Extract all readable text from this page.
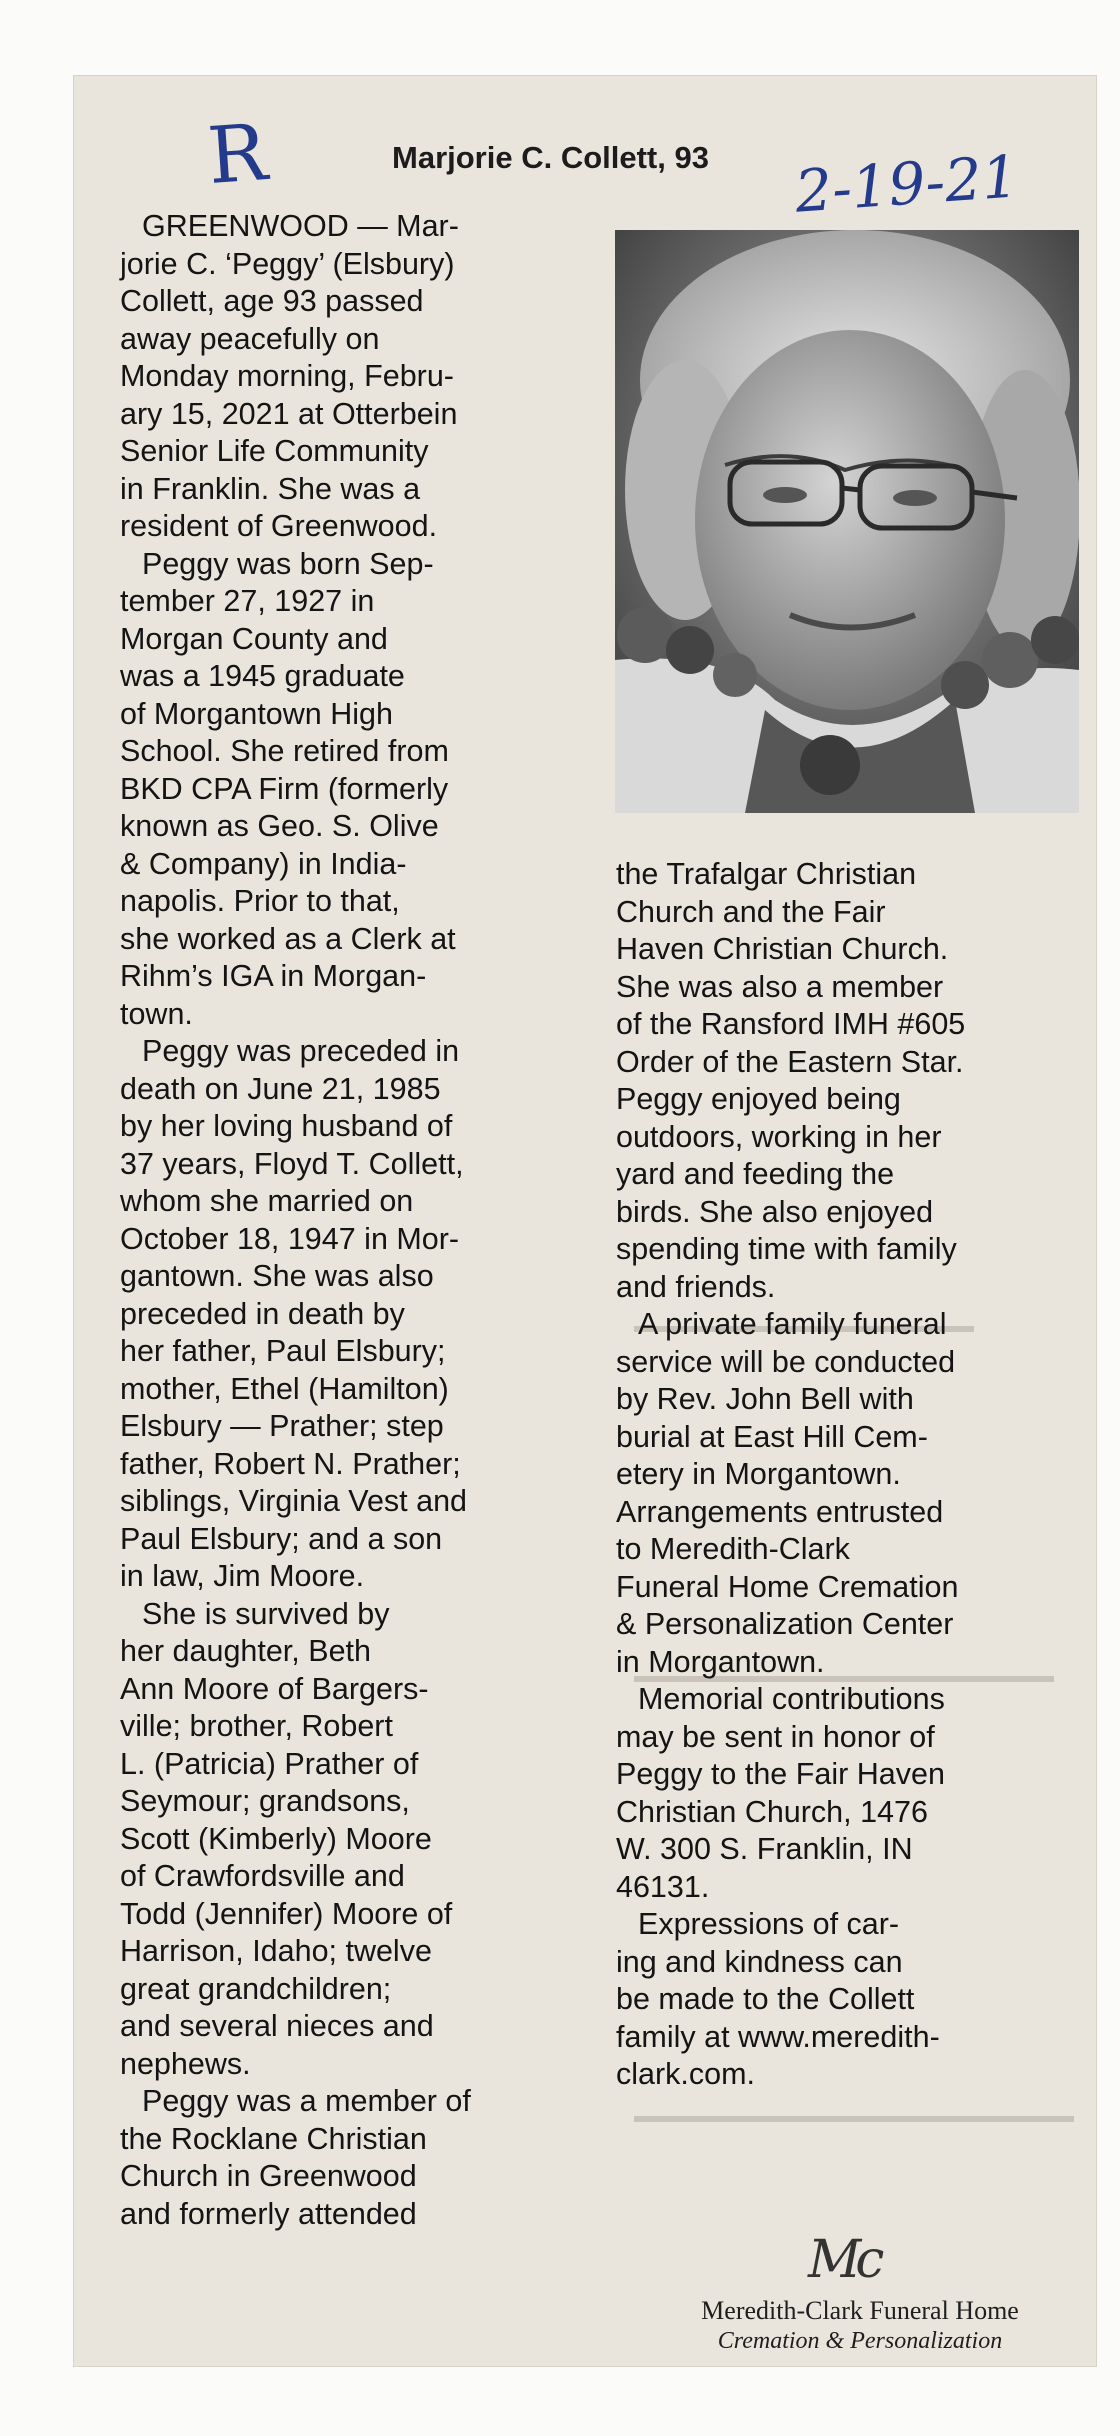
R	Marjorie C. Collett, 93 2-19-21

GREENWOOD — Mar-
jorie C. ‘Peggy’ (Elsbury)
Collett, age 93 passed
away peacefully on
Monday morning, Febru-
ary 15, 2021 at Otterbein
Senior Life Community
in Franklin. She was a
resident of Greenwood.

Peggy was born Sep-
tember 27, 1927 in
Morgan County and
was a 1945 graduate
of Morgantown High
School. She retired from
BKD CPA Firm (formerly
known as Geo. S. Olive
& Company) in India-
napolis. Prior to that,
she worked as a Clerk at
Rihm’s IGA in Morgan-
town.

Peggy was preceded in
death on June 21, 1985
by her loving husband of
37 years, Floyd T. Collett,
whom she married on
October 18, 1947 in Mor-
gantown. She was also
preceded in death by
her father, Paul Elsbury;
mother, Ethel (Hamilton)
Elsbury — Prather; step
father, Robert N. Prather;
siblings, Virginia Vest and
Paul Elsbury; and a son
in law, Jim Moore.

She is survived by
her daughter, Beth
Ann Moore of Bargers-
ville; brother, Robert
L. (Patricia) Prather of
Seymour; grandsons,
Scott (Kimberly) Moore
of Crawfordsville and
Todd (Jennifer) Moore of
Harrison, Idaho; twelve
great grandchildren;
and several nieces and
nephews.

Peggy was a member of
the Rocklane Christian
Church in Greenwood
and formerly attended

the Trafalgar Christian
Church and the Fair
Haven Christian Church.
She was also a member
of the Ransford IMH #605
Order of the Eastern Star.
Peggy enjoyed being
outdoors, working in her
yard and feeding the
birds. She also enjoyed
spending time with family
and friends.

A private family funeral
service will be conducted
by Rev. John Bell with
burial at East Hill Cem-
etery in Morgantown.
Arrangements entrusted
to Meredith-Clark
Funeral Home Cremation
& Personalization Center
in Morgantown.

Memorial contributions
may be sent in honor of
Peggy to the Fair Haven
Christian Church, 1476
W. 300 S. Franklin, IN
46131.

Expressions of car-
ing and kindness can
be made to the Collett
family at www.meredith-
clark.com.

Mc
Meredith-Clark Funeral Home
Cremation & Personalization
